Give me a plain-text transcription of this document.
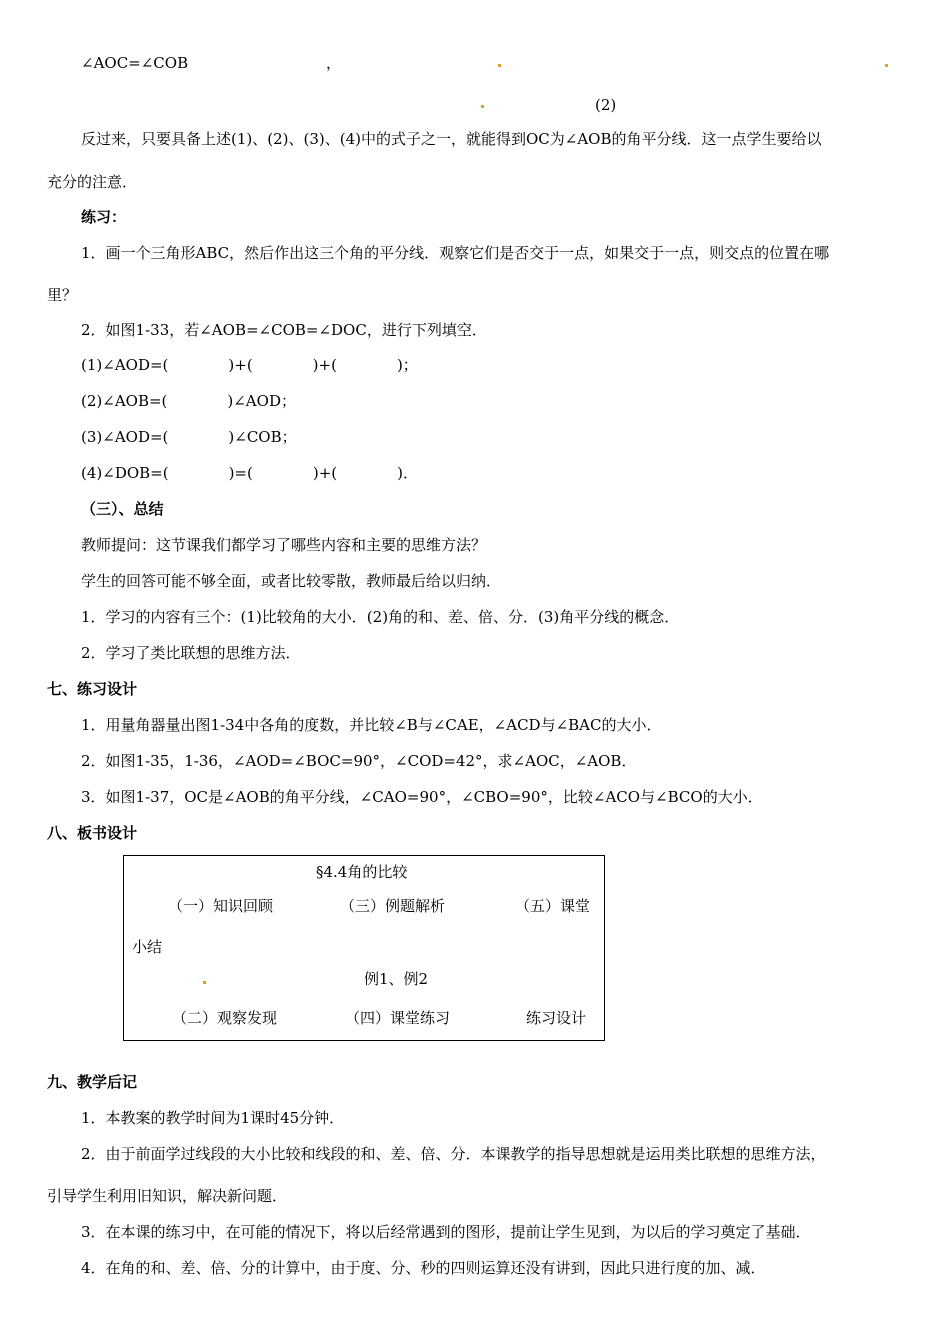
∠AOC=∠COB	，
(2)
反过来，只要具备上述(1)、(2)、(3)、(4)中的式子之一，就能得到OC为∠AOB的角平分线．这一点学生要给以
充分的注意．
练习：
1．画一个三角形ABC，然后作出这三个角的平分线．观察它们是否交于一点，如果交于一点，则交点的位置在哪
里？
2．如图1-33，若∠AOB=∠COB=∠DOC，进行下列填空．
(1)∠AOD=(　　　　)+(　　　　)+(　　　　)；
(2)∠AOB=(　　　　)∠AOD；
(3)∠AOD=(　　　　)∠COB；
(4)∠DOB=(　　　　)=(　　　　)+(　　　　)．
（三）、总结
教师提问：这节课我们都学习了哪些内容和主要的思维方法？
学生的回答可能不够全面，或者比较零散，教师最后给以归纳．
1．学习的内容有三个：(1)比较角的大小．(2)角的和、差、倍、分．(3)角平分线的概念．
2．学习了类比联想的思维方法．
七、练习设计
1．用量角器量出图1-34中各角的度数，并比较∠B与∠CAE，∠ACD与∠BAC的大小．
2．如图1-35，1-36，∠AOD=∠BOC=90°，∠COD=42°，求∠AOC，∠AOB．
3．如图1-37，OC是∠AOB的角平分线，∠CAO=90°，∠CBO=90°，比较∠ACO与∠BCO的大小．
八、板书设计
§4.4角的比较
（一）知识回顾	（三）例题解析	（五）课堂
小结
例1、例2
（二）观察发现	（四）课堂练习	练习设计
九、教学后记
1．本教案的教学时间为1课时45分钟．
2．由于前面学过线段的大小比较和线段的和、差、倍、分．本课教学的指导思想就是运用类比联想的思维方法，
引导学生利用旧知识，解决新问题．
3．在本课的练习中，在可能的情况下，将以后经常遇到的图形，提前让学生见到，为以后的学习奠定了基础．
4．在角的和、差、倍、分的计算中，由于度、分、秒的四则运算还没有讲到，因此只进行度的加、减．
